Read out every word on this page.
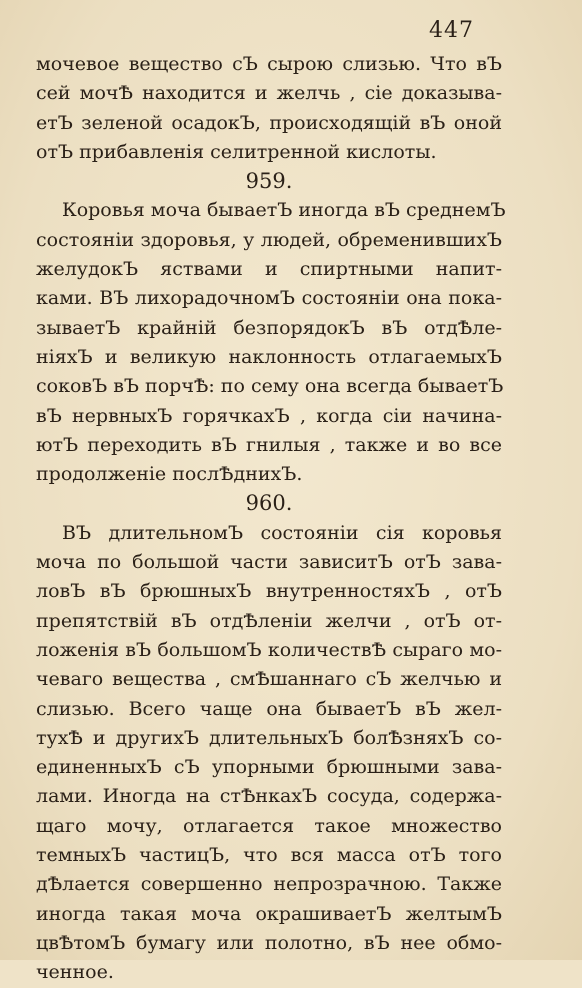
447
мочевое вещество сЪ сырою слизью. Что вЪ
сей мочѢ находится и желчь , сіе доказыва-
етЪ зеленой осадокЪ, происходящій вЪ оной
отЪ прибавленія селитренной кислоты.
959.
Коровья моча бываетЪ иногда вЪ среднемЪ
состояніи здоровья, у людей, обременившихЪ
желудокЪ яствами и спиртными напит-
ками. ВЪ лихорадочномЪ состояніи она пока-
зываетЪ крайній безпорядокЪ вЪ отдѢле-
ніяхЪ и великую наклонность отлагаемыхЪ
соковЪ вЪ порчѢ: по сему она всегда бываетЪ
вЪ нервныхЪ горячкахЪ , когда сіи начина-
ютЪ переходить вЪ гнилыя , также и во все
продолженіе послѢднихЪ.
960.
ВЪ длительномЪ состояніи сія коровья
моча по большой части зависитЪ отЪ зава-
ловЪ вЪ брюшныхЪ внутренностяхЪ , отЪ
препятствій вЪ отдѢленіи желчи , отЪ от-
ложенія вЪ большомЪ количествѢ сыраго мо-
чеваго вещества , смѢшаннаго сЪ желчью и
слизью. Всего чаще она бываетЪ вЪ жел-
тухѢ и другихЪ длительныхЪ болѢзняхЪ со-
единенныхЪ сЪ упорными брюшными зава-
лами. Иногда на стѢнкахЪ сосуда, содержа-
щаго мочу, отлагается такое множество
темныхЪ частицЪ, что вся масса отЪ того
дѢлается совершенно непрозрачною. Также
иногда такая моча окрашиваетЪ желтымЪ
цвѢтомЪ бумагу или полотно, вЪ нее обмо-
ченное.
